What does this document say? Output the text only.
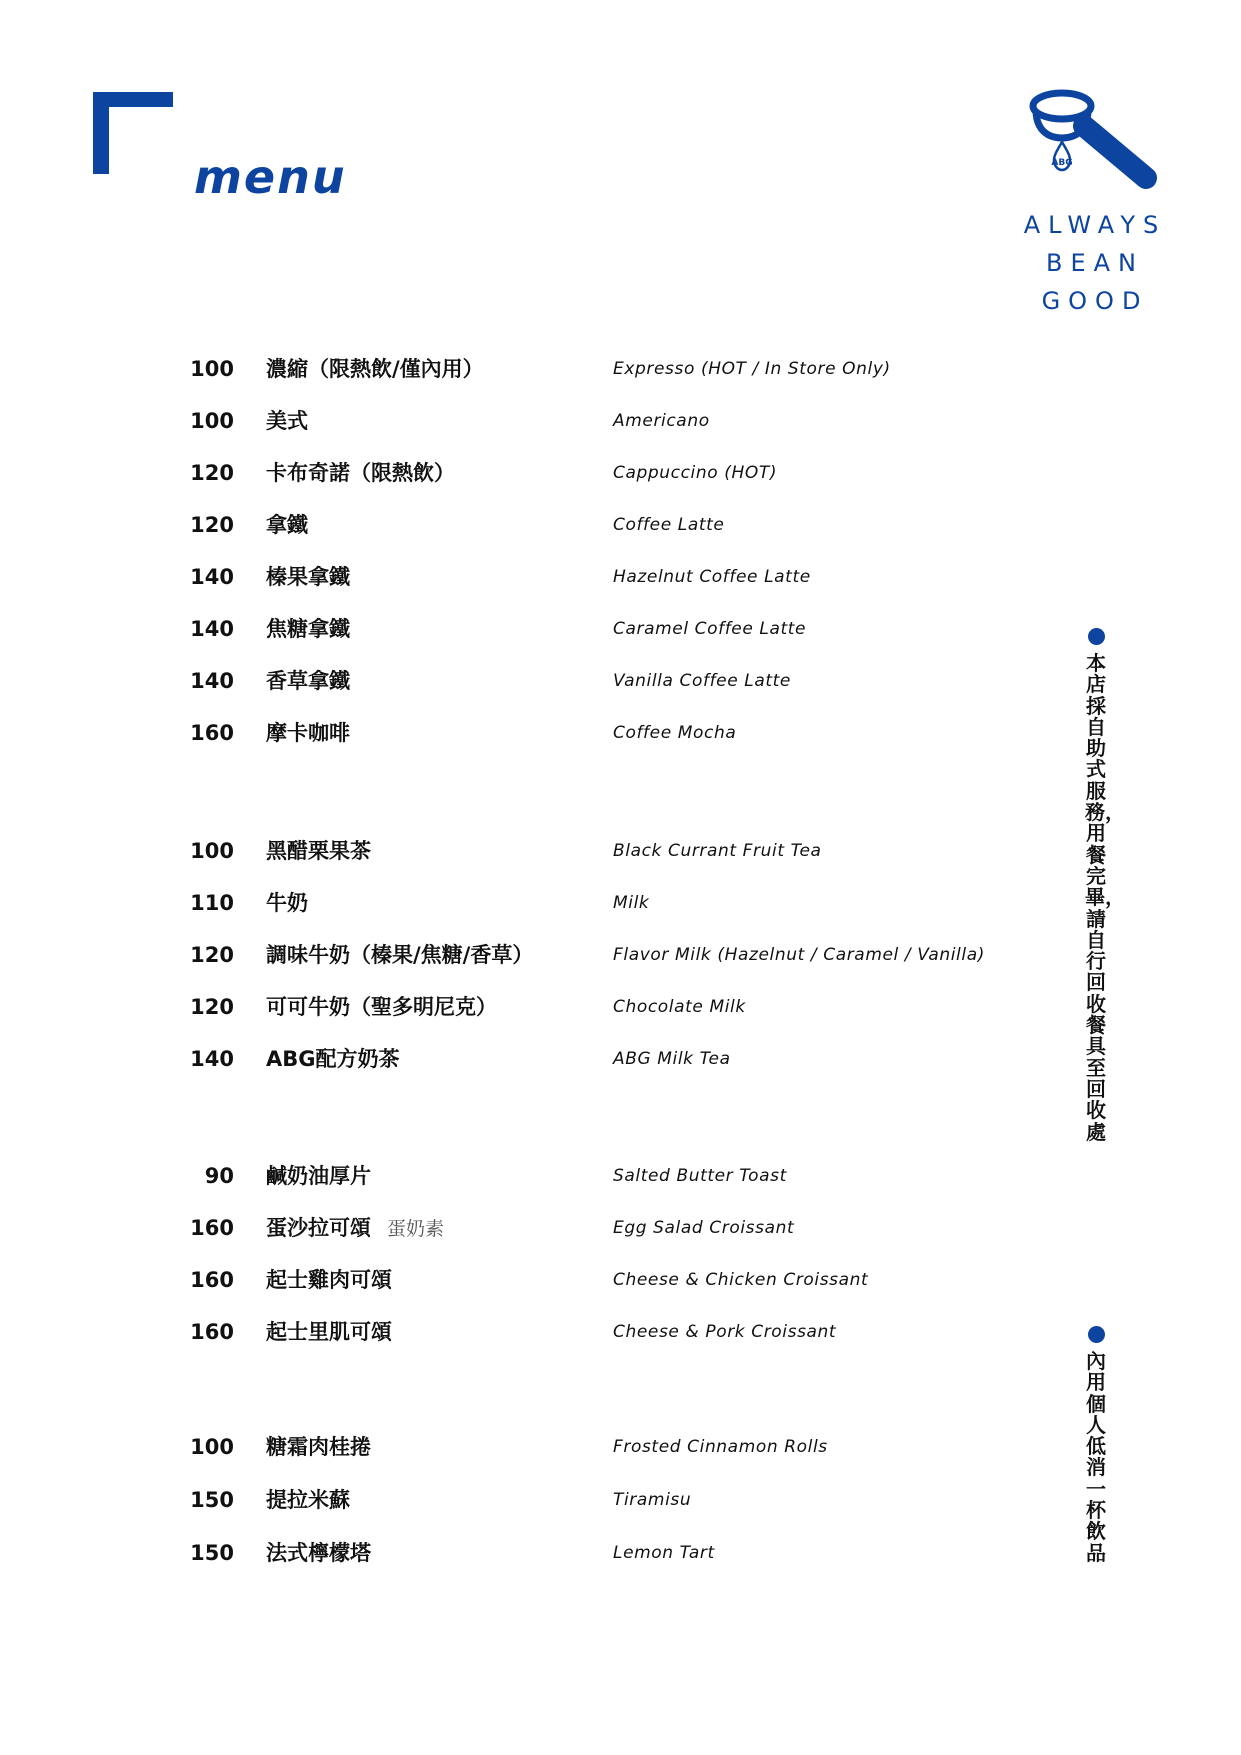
menu	ABG
ALWAYS
BEAN
GOOD
100 濃縮（限熱飲/僅內用）	Expresso (HOT / In Store Only)
100 美式	Americano
120 卡布奇諾（限熱飲）	Cappuccino (HOT)
120 拿鐵	Coffee Latte
140 榛果拿鐵	Hazelnut Coffee Latte
140 焦糖拿鐵	Caramel Coffee Latte
140 香草拿鐵	Vanilla Coffee Latte
160 摩卡咖啡	Coffee Mocha
100 黑醋栗果茶	Black Currant Fruit Tea
110 牛奶	Milk
120 調味牛奶（榛果/焦糖/香草）	Flavor Milk (Hazelnut / Caramel / Vanilla)
120 可可牛奶（聖多明尼克）	Chocolate Milk
140 ABG配方奶茶	ABG Milk Tea
90 鹹奶油厚片	Salted Butter Toast
160 蛋沙拉可頌 蛋奶素	Egg Salad Croissant
160 起士雞肉可頌	Cheese & Chicken Croissant
160 起士里肌可頌	Cheese & Pork Croissant
100 糖霜肉桂捲	Frosted Cinnamon Rolls
150 提拉米蘇	Tiramisu
150 法式檸檬塔	Lemon Tart
本店採自助式服務，用餐完畢，請自行回收餐具至回收處
內用個人低消一杯飲品
